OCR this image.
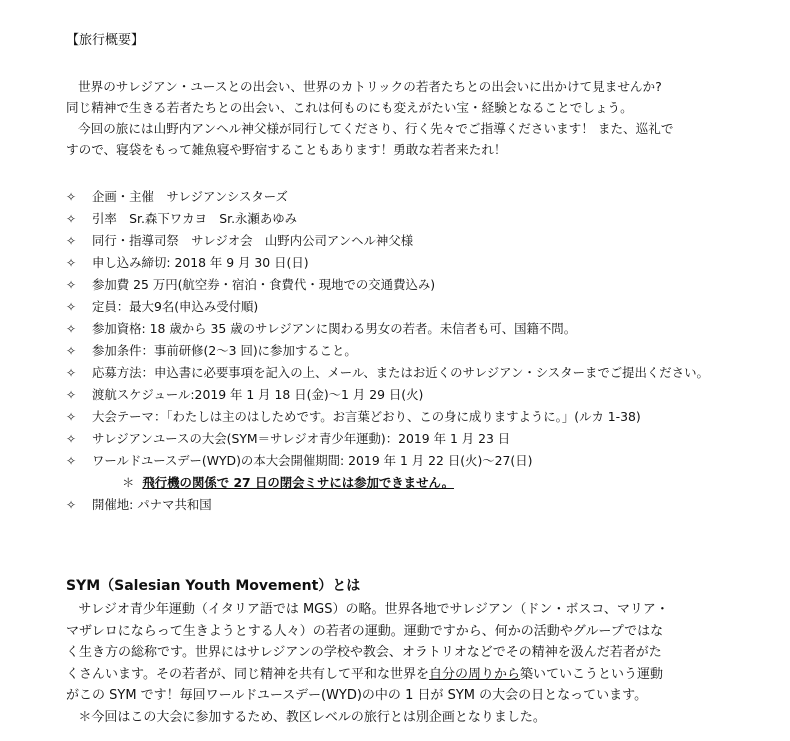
【旅行概要】

世界のサレジアン・ユースとの出会い、世界のカトリックの若者たちとの出会いに出かけて見ませんか?

同じ精神で生きる若者たちとの出会い、これは何ものにも変えがたい宝・経験となることでしょう。

今回の旅には山野内アンヘル神父様が同行してくださり、行く先々でご指導くださいます！ また、巡礼で

すので、寝袋をもって雑魚寝や野宿することもあります！勇敢な若者来たれ！

✧ 企画・主催　サレジアンシスターズ
✧ 引率　Sr.森下ワカヨ　Sr.永瀬あゆみ
✧ 同行・指導司祭　サレジオ会　山野内公司アンヘル神父様
✧ 申し込み締切: 2018 年 9 月 30 日(日)
✧ 参加費 25 万円(航空券・宿泊・食費代・現地での交通費込み)
✧ 定員：最大9名(申込み受付順)
✧ 参加資格: 18 歳から 35 歳のサレジアンに関わる男女の若者。未信者も可、国籍不問。
✧ 参加条件：事前研修(2〜3 回)に参加すること。
✧ 応募方法：申込書に必要事項を記入の上、メール、またはお近くのサレジアン・シスターまでご提出ください。
✧ 渡航スケジュール:2019 年 1 月 18 日(金)〜1 月 29 日(火)
✧ 大会テーマ：「わたしは主のはしためです。お言葉どおり、この身に成りますように。」(ルカ 1-38)
✧ サレジアンユースの大会(SYM＝サレジオ青少年運動)：2019 年 1 月 23 日
✧ ワールドユースデー(WYD)の本大会開催期間: 2019 年 1 月 22 日(火)〜27(日)
＊ 飛行機の関係で 27 日の閉会ミサには参加できません。
✧ 開催地: パナマ共和国
SYM（Salesian Youth Movement）とは

サレジオ青少年運動（イタリア語では MGS）の略。世界各地でサレジアン（ドン・ボスコ、マリア・

マザレロにならって生きようとする人々）の若者の運動。運動ですから、何かの活動やグループではな

く生き方の総称です。世界にはサレジアンの学校や教会、オラトリオなどでその精神を汲んだ若者がた

くさんいます。その若者が、同じ精神を共有して平和な世界を自分の周りから築いていこうという運動

がこの SYM です！毎回ワールドユースデー(WYD)の中の 1 日が SYM の大会の日となっています。

＊今回はこの大会に参加するため、教区レベルの旅行とは別企画となりました。
